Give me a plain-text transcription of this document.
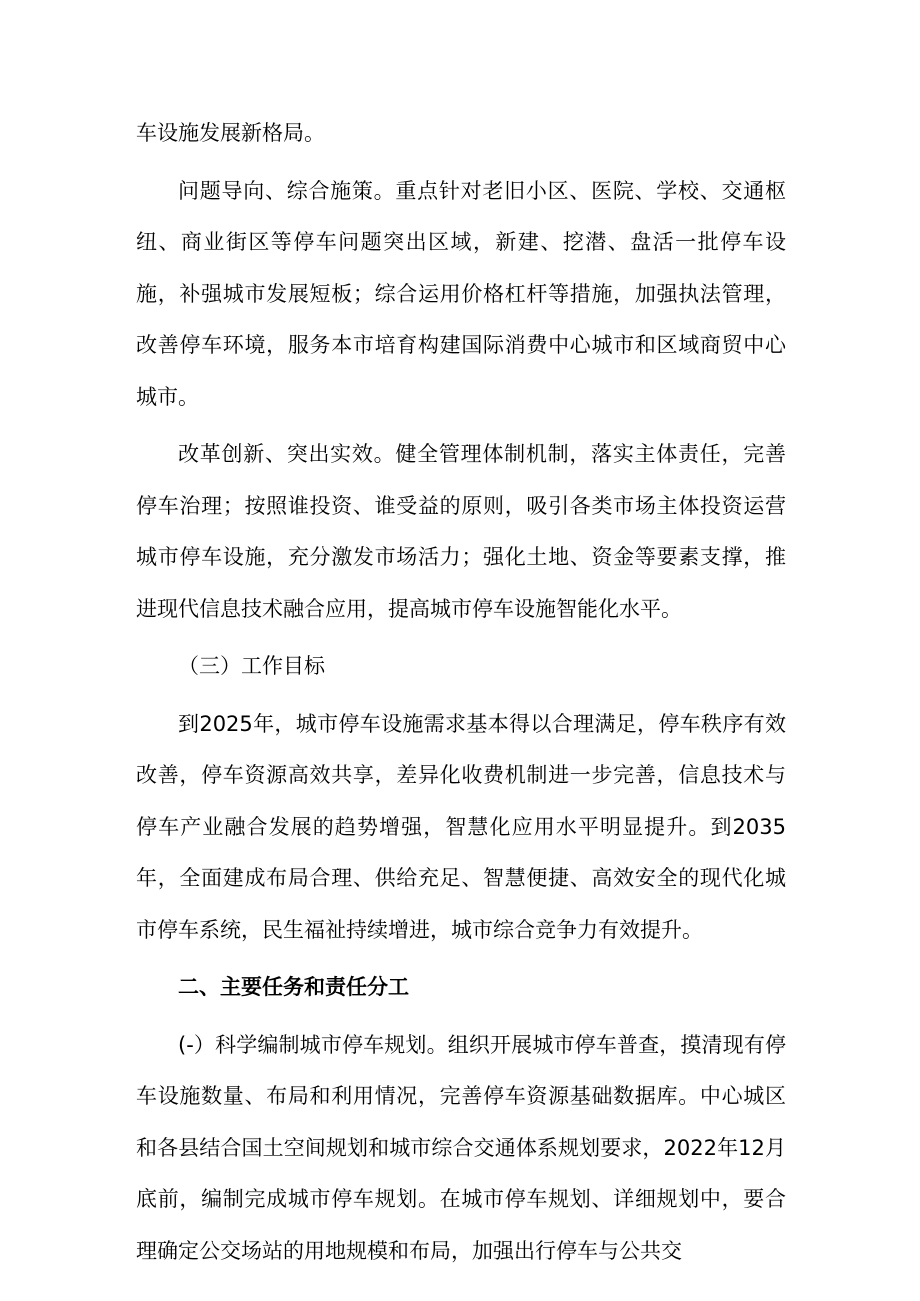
车设施发展新格局。

问题导向、综合施策。重点针对老旧小区、医院、学校、交通枢纽、商业街区等停车问题突出区域，新建、挖潜、盘活一批停车设施，补强城市发展短板；综合运用价格杠杆等措施，加强执法管理，改善停车环境，服务本市培育构建国际消费中心城市和区域商贸中心城市。

改革创新、突出实效。健全管理体制机制，落实主体责任，完善停车治理；按照谁投资、谁受益的原则，吸引各类市场主体投资运营城市停车设施，充分激发市场活力；强化土地、资金等要素支撑，推进现代信息技术融合应用，提高城市停车设施智能化水平。

（三）工作目标

到2025年，城市停车设施需求基本得以合理满足，停车秩序有效改善，停车资源高效共享，差异化收费机制进一步完善，信息技术与停车产业融合发展的趋势增强，智慧化应用水平明显提升。到2035年，全面建成布局合理、供给充足、智慧便捷、高效安全的现代化城市停车系统，民生福祉持续增进，城市综合竞争力有效提升。

二、主要任务和责任分工

(-）科学编制城市停车规划。组织开展城市停车普查，摸清现有停车设施数量、布局和利用情况，完善停车资源基础数据库。中心城区和各县结合国土空间规划和城市综合交通体系规划要求，2022年12月底前，编制完成城市停车规划。在城市停车规划、详细规划中，要合理确定公交场站的用地规模和布局，加强出行停车与公共交
